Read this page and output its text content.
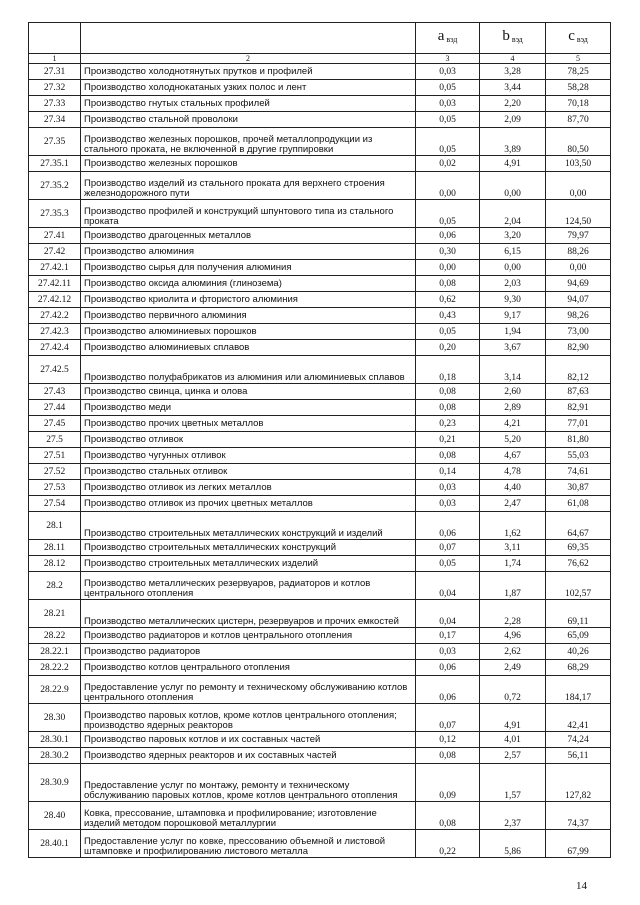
		a $_{вэд}$	b $_{вэд}$	c $_{вэд}$
1	2	3	4	5
27.31	Производство холоднотянутых прутков и профилей	0,03	3,28	78,25
27.32	Производство холоднокатаных узких полос и лент	0,05	3,44	58,28
27.33	Производство гнутых стальных профилей	0,03	2,20	70,18
27.34	Производство стальной проволоки	0,05	2,09	87,70
27.35	Производство железных порошков, прочей металлопродукции из стального проката, не включенной в другие группировки	0,05	3,89	80,50
27.35.1	Производство железных порошков	0,02	4,91	103,50
27.35.2	Производство изделий из стального проката для верхнего строения железнодорожного пути	0,00	0,00	0,00
27.35.3	Производство профилей и конструкций шпунтового типа из стального проката	0,05	2,04	124,50
27.41	Производство драгоценных металлов	0,06	3,20	79,97
27.42	Производство алюминия	0,30	6,15	88,26
27.42.1	Производство сырья для получения алюминия	0,00	0,00	0,00
27.42.11	Производство оксида алюминия (глинозема)	0,08	2,03	94,69
27.42.12	Производство криолита и фтористого алюминия	0,62	9,30	94,07
27.42.2	Производство первичного алюминия	0,43	9,17	98,26
27.42.3	Производство алюминиевых порошков	0,05	1,94	73,00
27.42.4	Производство алюминиевых сплавов	0,20	3,67	82,90
27.42.5	Производство полуфабрикатов из алюминия или алюминиевых сплавов	0,18	3,14	82,12
27.43	Производство свинца, цинка и олова	0,08	2,60	87,63
27.44	Производство меди	0,08	2,89	82,91
27.45	Производство прочих цветных металлов	0,23	4,21	77,01
27.5	Производство отливок	0,21	5,20	81,80
27.51	Производство чугунных отливок	0,08	4,67	55,03
27.52	Производство стальных отливок	0,14	4,78	74,61
27.53	Производство отливок из легких металлов	0,03	4,40	30,87
27.54	Производство отливок из прочих цветных металлов	0,03	2,47	61,08
28.1	Производство строительных металлических конструкций и изделий	0,06	1,62	64,67
28.11	Производство строительных металлических конструкций	0,07	3,11	69,35
28.12	Производство строительных металлических изделий	0,05	1,74	76,62
28.2	Производство металлических резервуаров, радиаторов и котлов центрального отопления	0,04	1,87	102,57
28.21	Производство металлических цистерн, резервуаров и прочих емкостей	0,04	2,28	69,11
28.22	Производство радиаторов и котлов центрального отопления	0,17	4,96	65,09
28.22.1	Производство радиаторов	0,03	2,62	40,26
28.22.2	Производство котлов центрального отопления	0,06	2,49	68,29
28.22.9	Предоставление услуг по ремонту и техническому обслуживанию котлов центрального отопления	0,06	0,72	184,17
28.30	Производство паровых котлов, кроме котлов центрального отопления; производство ядерных реакторов	0,07	4,91	42,41
28.30.1	Производство паровых котлов и их составных частей	0,12	4,01	74,24
28.30.2	Производство ядерных реакторов и их составных частей	0,08	2,57	56,11
28.30.9	Предоставление услуг по монтажу, ремонту и техническому обслуживанию паровых котлов, кроме котлов центрального отопления	0,09	1,57	127,82
28.40	Ковка, прессование, штамповка и профилирование; изготовление изделий методом порошковой металлургии	0,08	2,37	74,37
28.40.1	Предоставление услуг по ковке, прессованию объемной и листовой штамповке и профилированию листового металла	0,22	5,86	67,99
14
